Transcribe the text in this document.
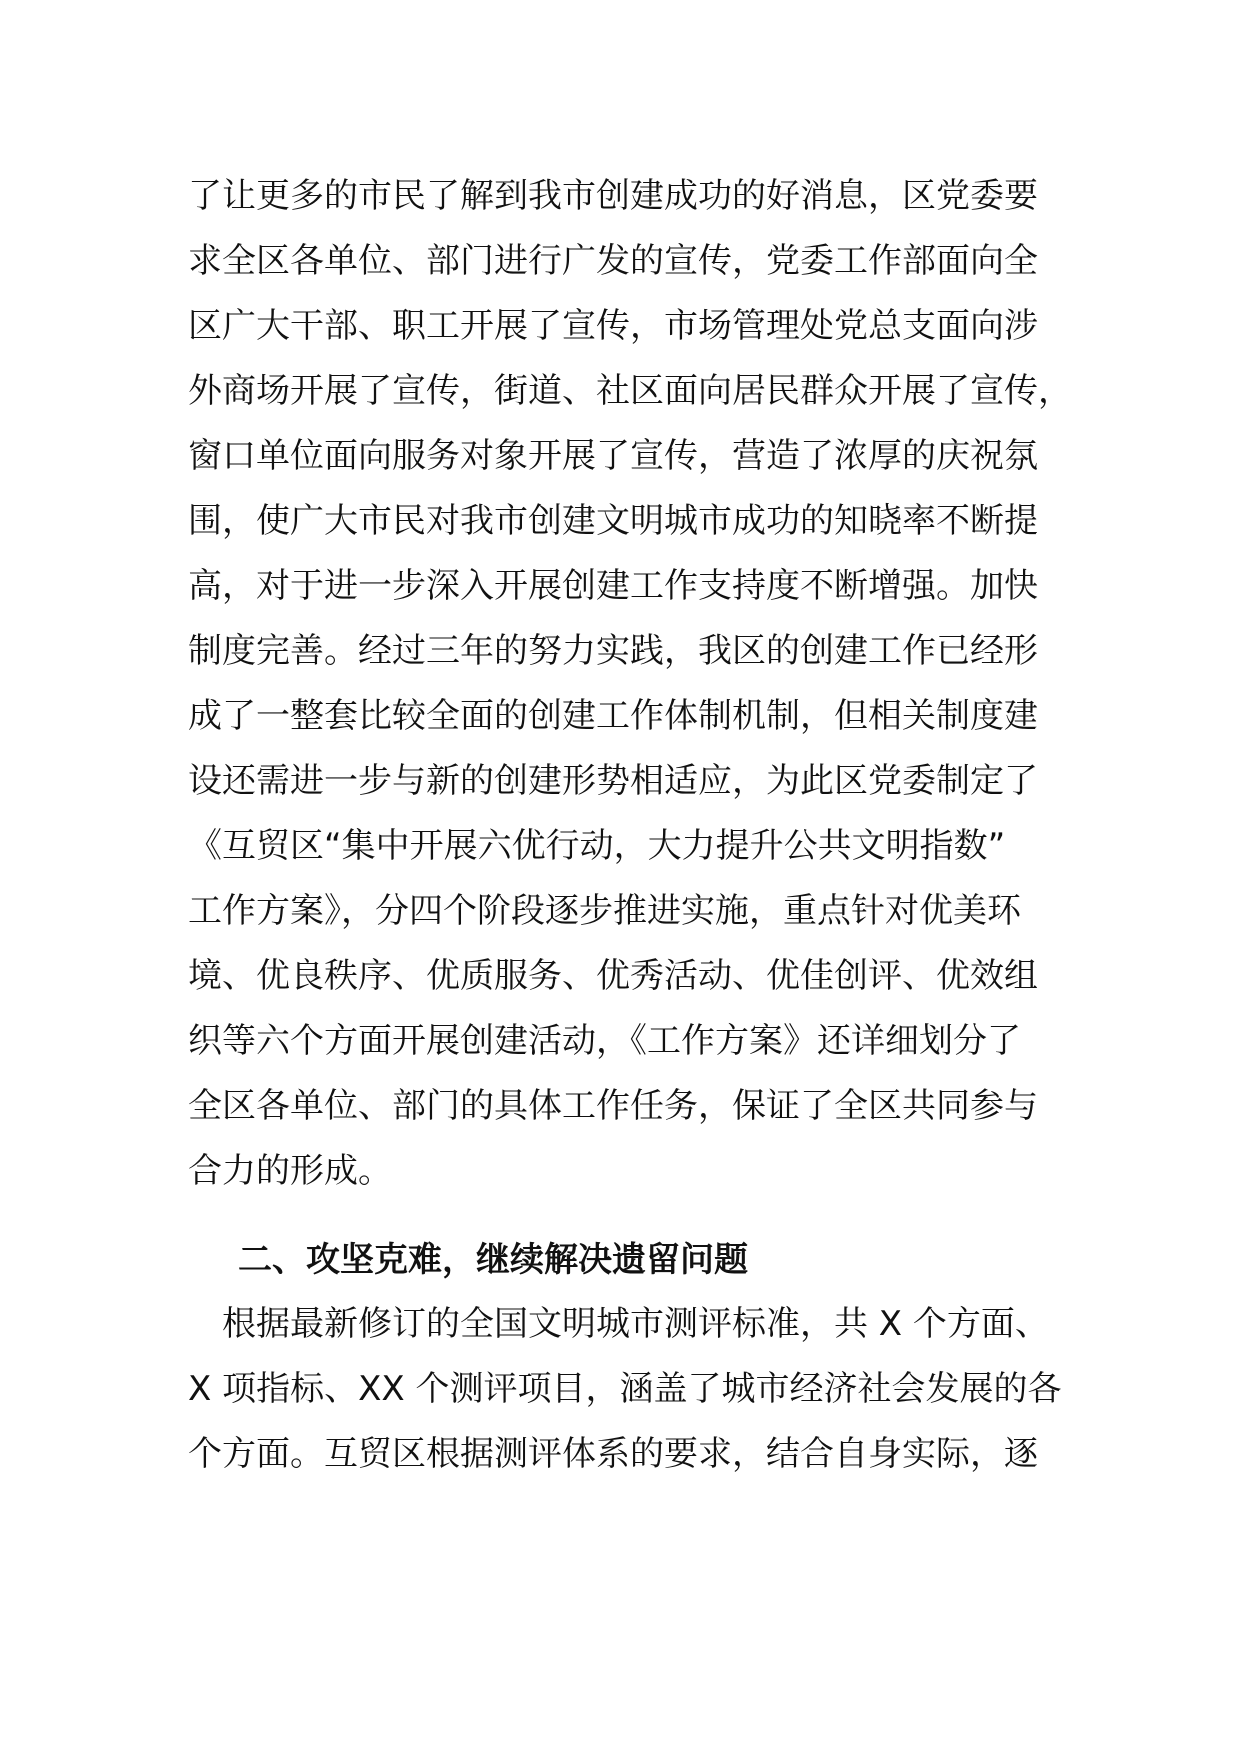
了让更多的市民了解到我市创建成功的好消息，区党委要
求全区各单位、部门进行广发的宣传，党委工作部面向全
区广大干部、职工开展了宣传，市场管理处党总支面向涉
外商场开展了宣传，街道、社区面向居民群众开展了宣传，
窗口单位面向服务对象开展了宣传，营造了浓厚的庆祝氛
围，使广大市民对我市创建文明城市成功的知晓率不断提
高，对于进一步深入开展创建工作支持度不断增强。加快
制度完善。经过三年的努力实践，我区的创建工作已经形
成了一整套比较全面的创建工作体制机制，但相关制度建
设还需进一步与新的创建形势相适应，为此区党委制定了
《互贸区“集中开展六优行动，大力提升公共文明指数”
工作方案》，分四个阶段逐步推进实施，重点针对优美环
境、优良秩序、优质服务、优秀活动、优佳创评、优效组
织等六个方面开展创建活动，《工作方案》还详细划分了
全区各单位、部门的具体工作任务，保证了全区共同参与
合力的形成。
二、攻坚克难，继续解决遗留问题
　根据最新修订的全国文明城市测评标准，共 X 个方面、
X 项指标、XX 个测评项目，涵盖了城市经济社会发展的各
个方面。互贸区根据测评体系的要求，结合自身实际，逐
